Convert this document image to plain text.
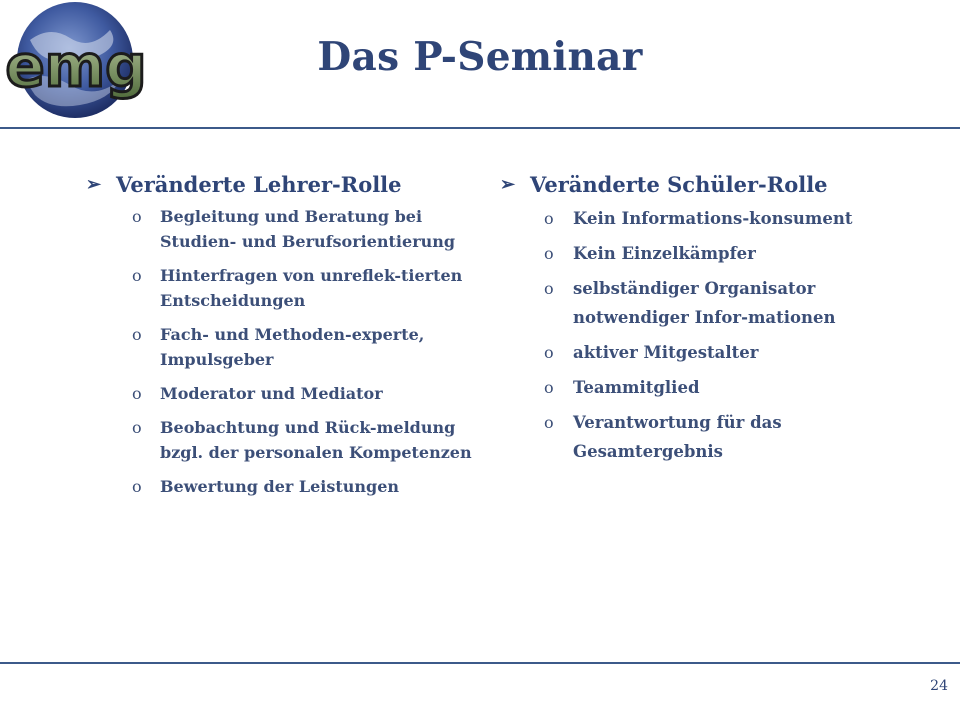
emg	Das P-Seminar
➢ Veränderte Lehrer-Rolle
o Begleitung und Beratung bei Studien- und Berufsorientierung
o Hinterfragen von unreflek-tierten Entscheidungen
o Fach- und Methoden-experte, Impulsgeber
o Moderator und Mediator
o Beobachtung und Rück-meldung bzgl. der personalen Kompetenzen
o Bewertung der Leistungen
➢ Veränderte Schüler-Rolle
o Kein Informations-konsument
o Kein Einzelkämpfer
o selbständiger Organisator notwendiger Infor-mationen
o aktiver Mitgestalter
o Teammitglied
o Verantwortung für das Gesamtergebnis
24
